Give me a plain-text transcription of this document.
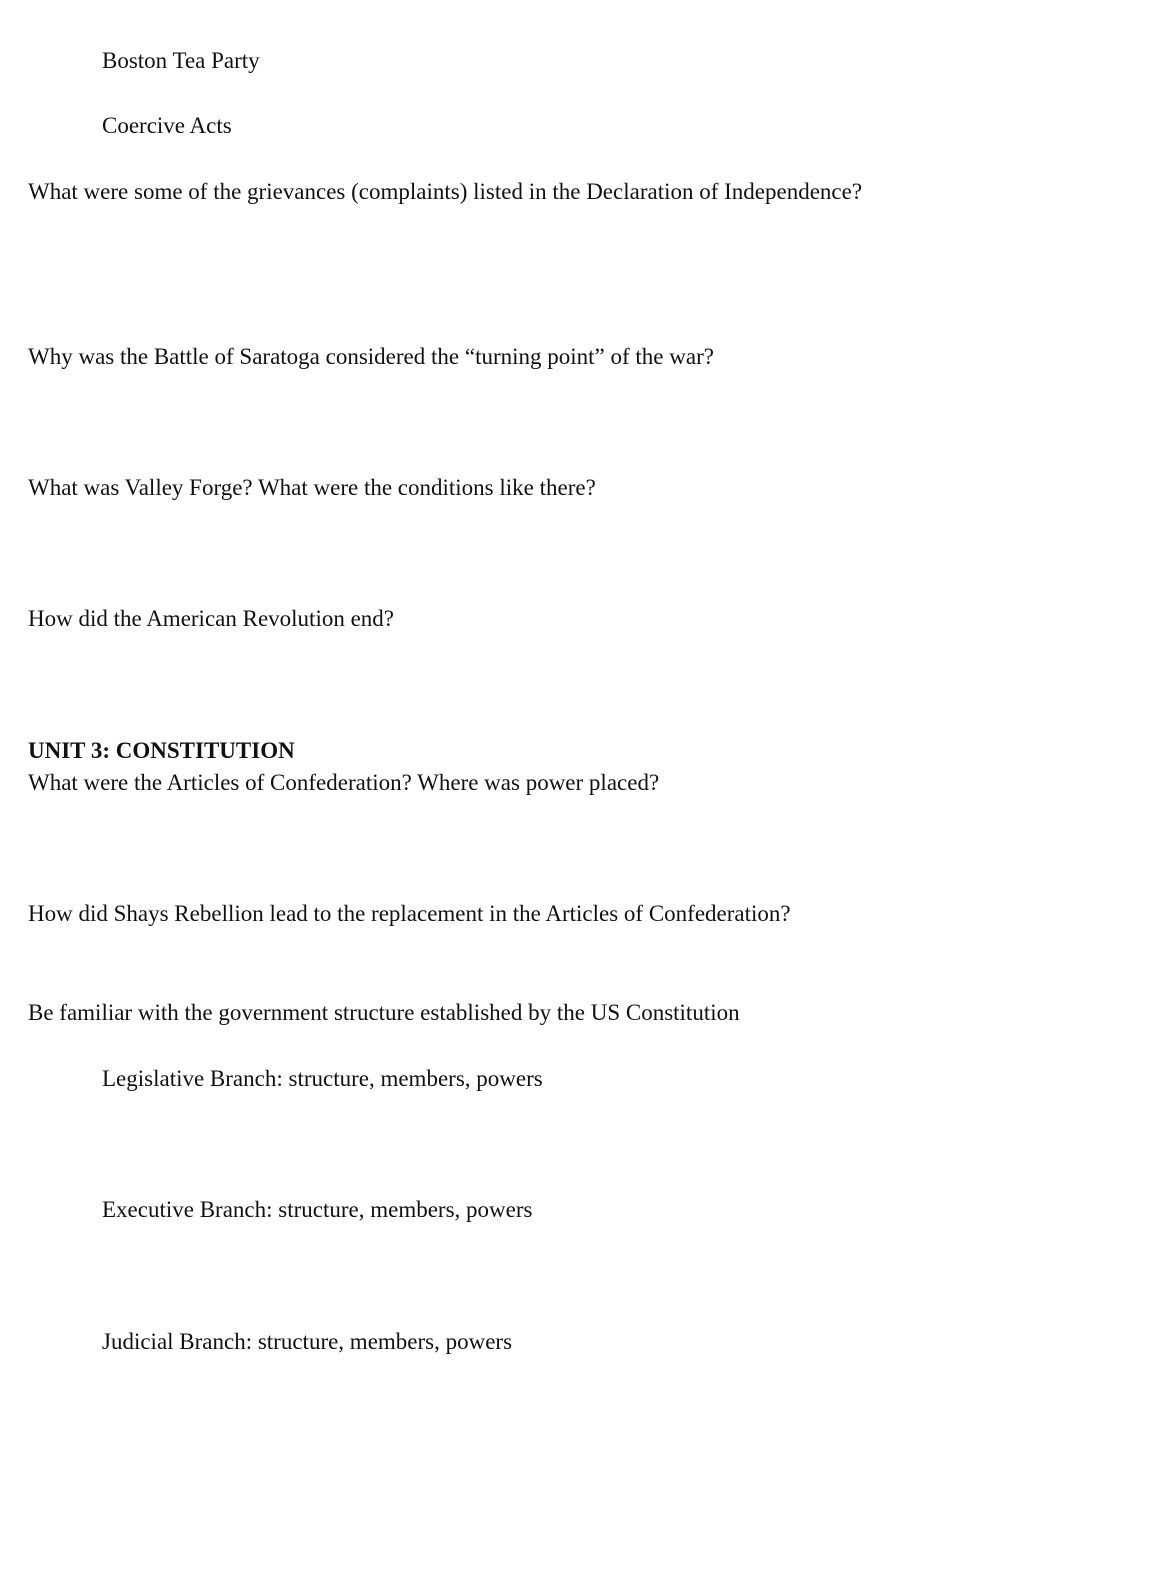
Boston Tea Party
Coercive Acts
What were some of the grievances (complaints) listed in the Declaration of Independence?
Why was the Battle of Saratoga considered the “turning point” of the war?
What was Valley Forge? What were the conditions like there?
How did the American Revolution end?
UNIT 3: CONSTITUTION
What were the Articles of Confederation? Where was power placed?
How did Shays Rebellion lead to the replacement in the Articles of Confederation?
Be familiar with the government structure established by the US Constitution
Legislative Branch: structure, members, powers
Executive Branch: structure, members, powers
Judicial Branch: structure, members, powers
